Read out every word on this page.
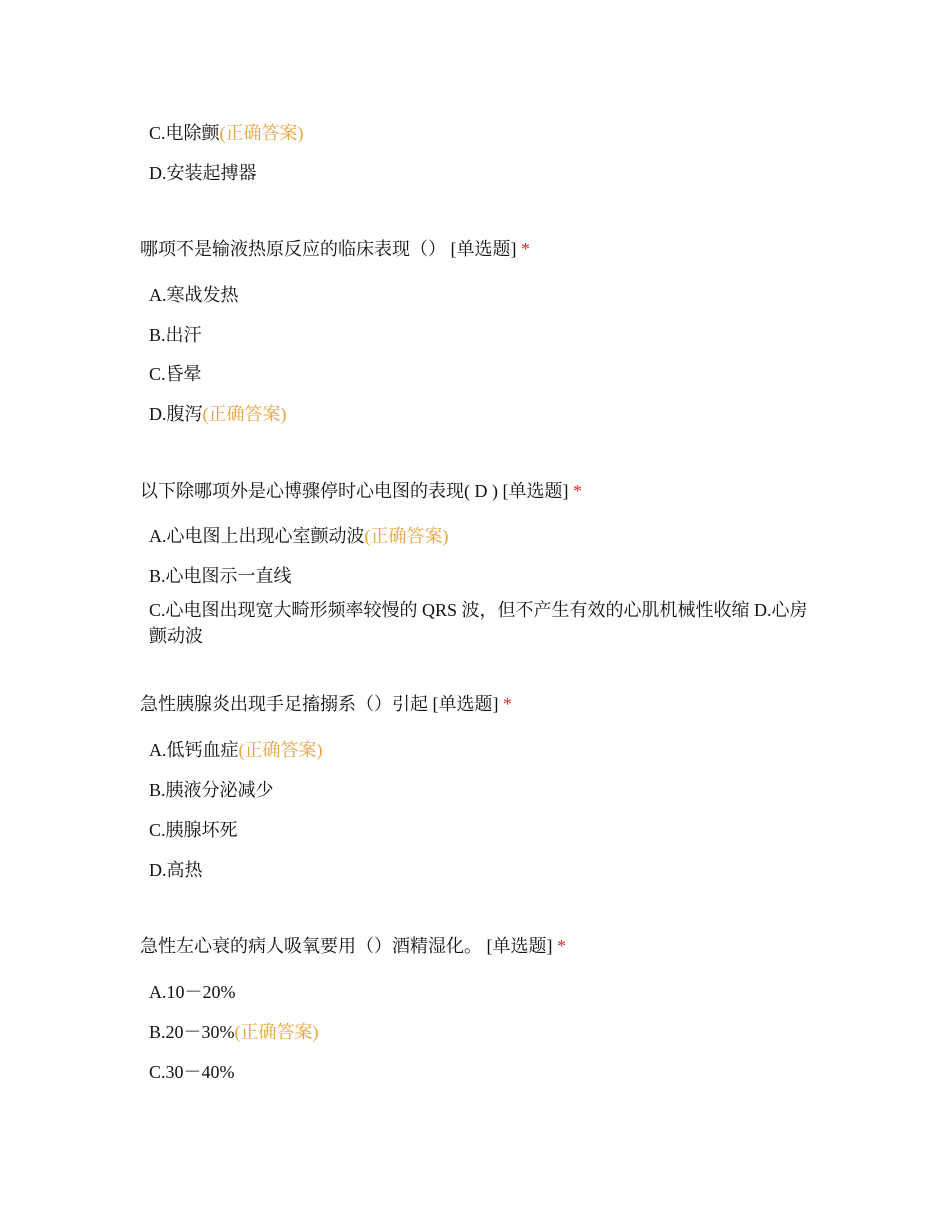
C.电除颤(正确答案)
D.安装起搏器
哪项不是输液热原反应的临床表现（） [单选题] *
A.寒战发热
B.出汗
C.昏晕
D.腹泻(正确答案)
以下除哪项外是心博骤停时心电图的表现( D ) [单选题] *
A.心电图上出现心室颤动波(正确答案)
B.心电图示一直线
C.心电图出现宽大畸形频率较慢的 QRS 波，但不产生有效的心肌机械性收缩 D.心房颤动波
急性胰腺炎出现手足搐搦系（）引起 [单选题] *
A.低钙血症(正确答案)
B.胰液分泌减少
C.胰腺坏死
D.高热
急性左心衰的病人吸氧要用（）酒精湿化。 [单选题] *
A.10－20%
B.20－30%(正确答案)
C.30－40%
